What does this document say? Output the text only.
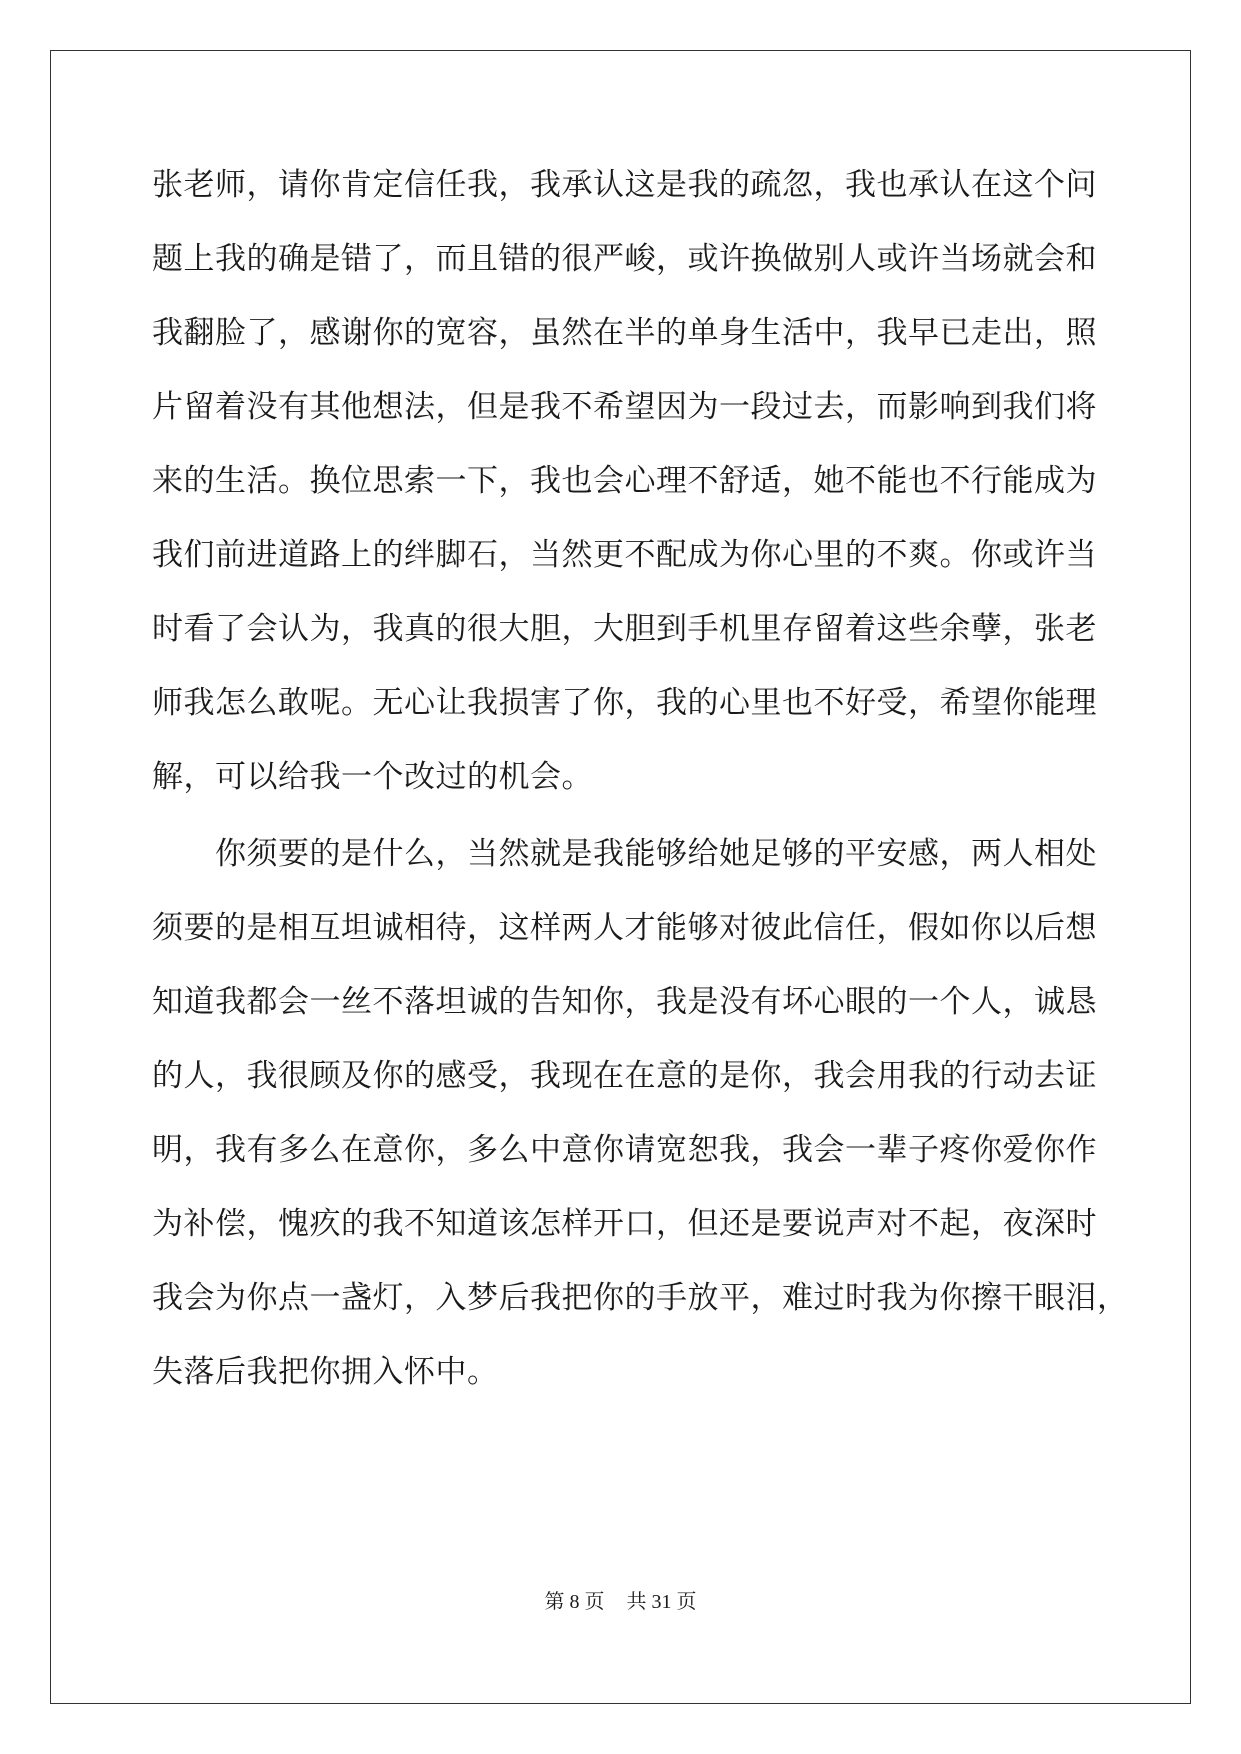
张老师，请你肯定信任我，我承认这是我的疏忽，我也承认在这个问
题上我的确是错了，而且错的很严峻，或许换做别人或许当场就会和
我翻脸了，感谢你的宽容，虽然在半的单身生活中，我早已走出，照
片留着没有其他想法，但是我不希望因为一段过去，而影响到我们将
来的生活。换位思索一下，我也会心理不舒适，她不能也不行能成为
我们前进道路上的绊脚石，当然更不配成为你心里的不爽。你或许当
时看了会认为，我真的很大胆，大胆到手机里存留着这些余孽，张老
师我怎么敢呢。无心让我损害了你，我的心里也不好受，希望你能理
解，可以给我一个改过的机会。
　　你须要的是什么，当然就是我能够给她足够的平安感，两人相处
须要的是相互坦诚相待，这样两人才能够对彼此信任，假如你以后想
知道我都会一丝不落坦诚的告知你，我是没有坏心眼的一个人，诚恳
的人，我很顾及你的感受，我现在在意的是你，我会用我的行动去证
明，我有多么在意你，多么中意你请宽恕我，我会一辈子疼你爱你作
为补偿，愧疚的我不知道该怎样开口，但还是要说声对不起，夜深时
我会为你点一盏灯，入梦后我把你的手放平，难过时我为你擦干眼泪，
失落后我把你拥入怀中。
第 8 页 共 31 页
